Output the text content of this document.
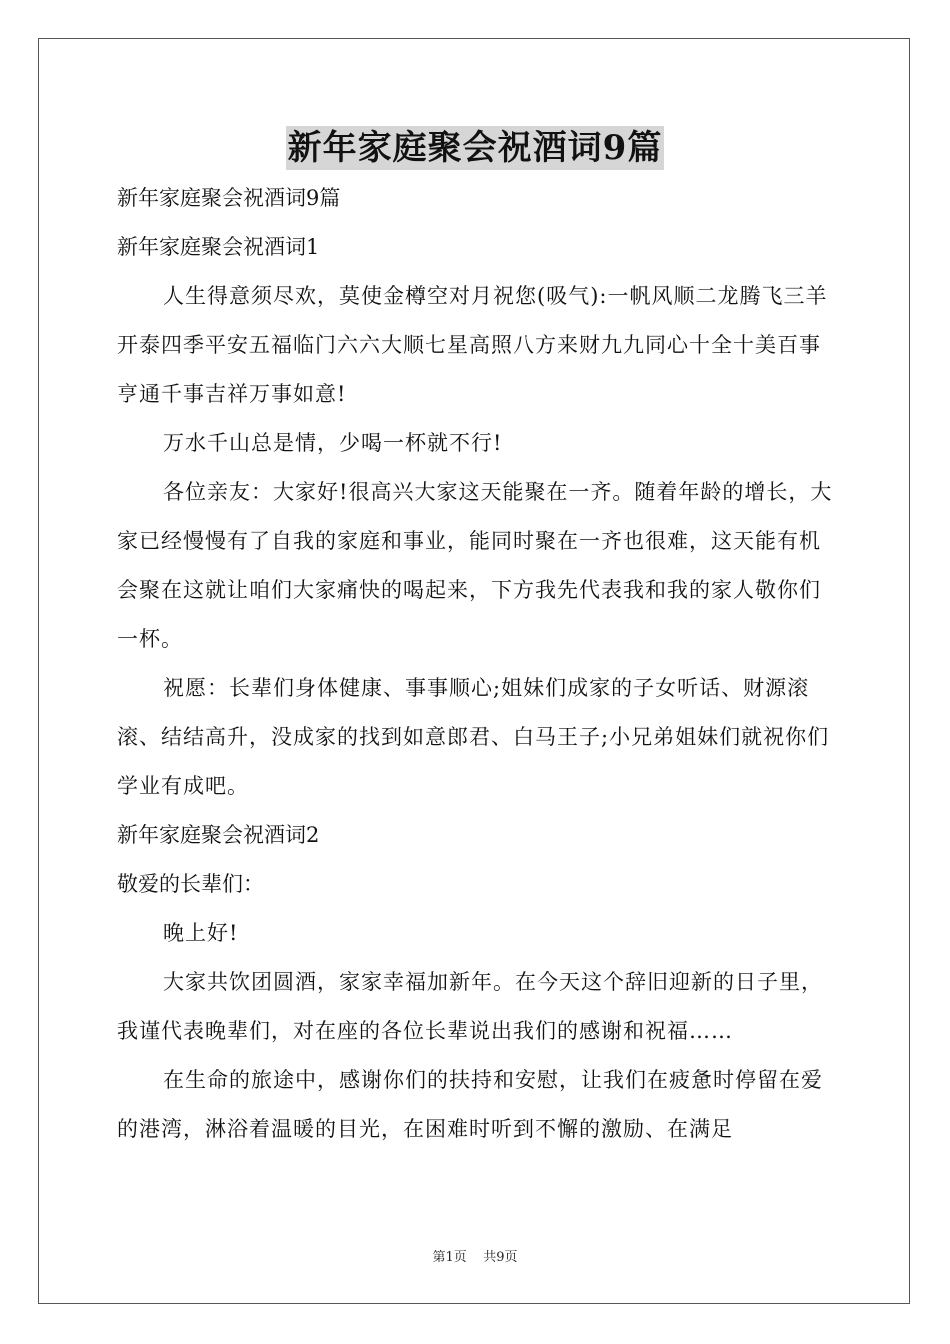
新年家庭聚会祝酒词9篇

新年家庭聚会祝酒词9篇

新年家庭聚会祝酒词1

人生得意须尽欢，莫使金樽空对月祝您(吸气):一帆风顺二龙腾飞三羊开泰四季平安五福临门六六大顺七星高照八方来财九九同心十全十美百事亨通千事吉祥万事如意!

万水千山总是情，少喝一杯就不行!

各位亲友：大家好!很高兴大家这天能聚在一齐。随着年龄的增长，大家已经慢慢有了自我的家庭和事业，能同时聚在一齐也很难，这天能有机会聚在这就让咱们大家痛快的喝起来，下方我先代表我和我的家人敬你们一杯。

祝愿：长辈们身体健康、事事顺心;姐妹们成家的子女听话、财源滚滚、结结高升，没成家的找到如意郎君、白马王子;小兄弟姐妹们就祝你们学业有成吧。

新年家庭聚会祝酒词2

敬爱的长辈们：

晚上好!

大家共饮团圆酒，家家幸福加新年。在今天这个辞旧迎新的日子里，我谨代表晚辈们，对在座的各位长辈说出我们的感谢和祝福……

在生命的旅途中，感谢你们的扶持和安慰，让我们在疲惫时停留在爱的港湾，淋浴着温暖的目光，在困难时听到不懈的激励、在满足

第1页 共9页
